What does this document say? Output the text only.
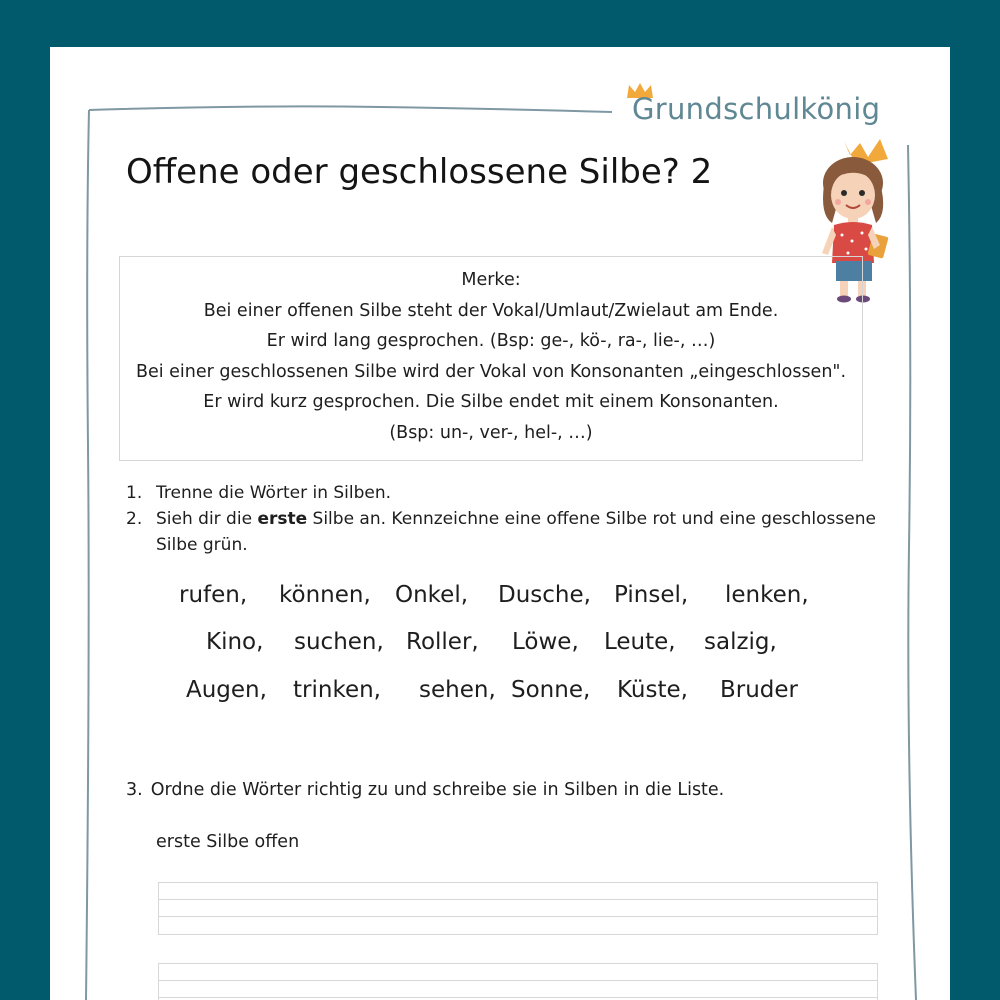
Grundschulkönig
Offene oder geschlossene Silbe? 2
Merke:
Bei einer offenen Silbe steht der Vokal/Umlaut/Zwielaut am Ende.
Er wird lang gesprochen. (Bsp: ge-, kö-, ra-, lie-, …)
Bei einer geschlossenen Silbe wird der Vokal von Konsonanten „eingeschlossen".
Er wird kurz gesprochen. Die Silbe endet mit einem Konsonanten.
(Bsp: un-, ver-, hel-, …)
1. Trenne die Wörter in Silben.
2. Sieh dir die erste Silbe an. Kennzeichne eine offene Silbe rot und eine geschlossene Silbe grün.
rufen, können, Onkel, Dusche, Pinsel, lenken,
Kino, suchen, Roller, Löwe, Leute, salzig,
Augen, trinken, sehen, Sonne, Küste, Bruder
3. Ordne die Wörter richtig zu und schreibe sie in Silben in die Liste.
erste Silbe offen
